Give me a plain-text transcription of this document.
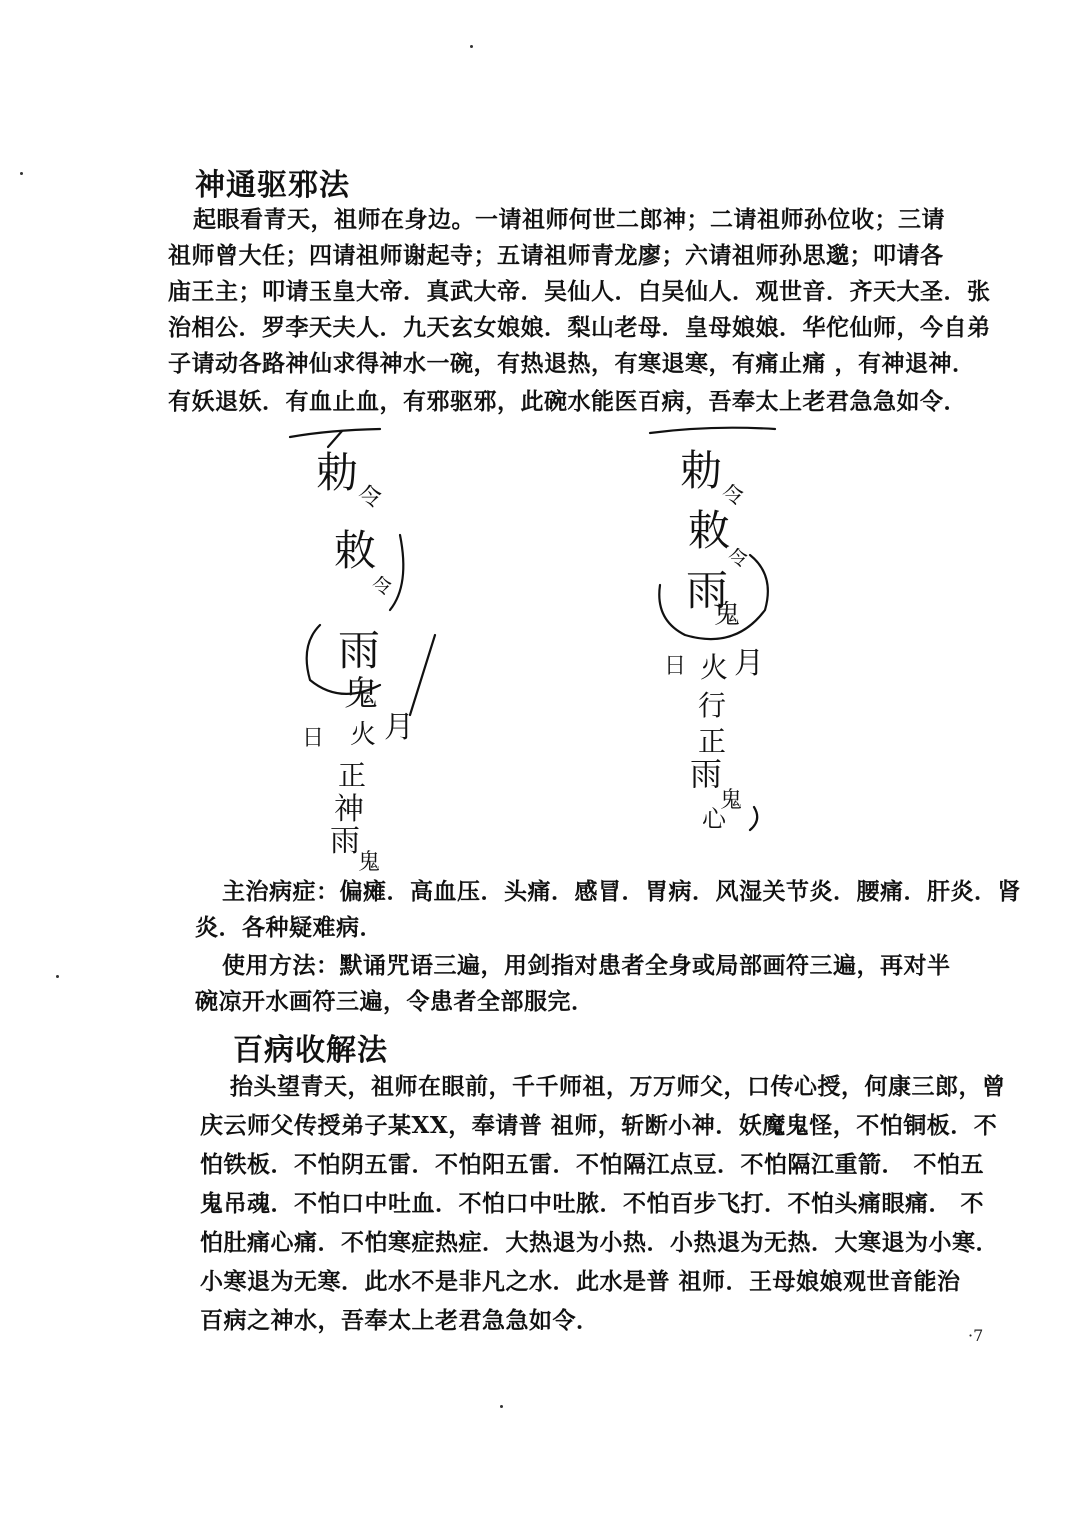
神通驱邪法
起眼看青天，祖师在身边。一请祖师何世二郎神；二请祖师孙位收；三请
祖师曾大任；四请祖师谢起寺；五请祖师青龙廖；六请祖师孙思邈；叩请各
庙王主；叩请玉皇大帝．真武大帝．吴仙人．白吴仙人．观世音．齐天大圣．张
治相公．罗李天夫人．九天玄女娘娘．梨山老母．皇母娘娘．华佗仙师，今自弟
子请动各路神仙求得神水一碗，有热退热，有寒退寒，有痛止痛 ，有神退神．
有妖退妖．有血止血，有邪驱邪，此碗水能医百病，吾奉太上老君急急如令．
勅 令
敕
令
雨
鬼
日 火 月
正
神
雨
鬼
勅
令
敕
令
雨
鬼
日 火 月
行
正
雨
鬼
心
主治病症：偏瘫．高血压．头痛．感冒．胃病．风湿关节炎．腰痛．肝炎．肾
炎．各种疑难病．
使用方法：默诵咒语三遍，用剑指对患者全身或局部画符三遍，再对半
碗凉开水画符三遍，令患者全部服完．
百病收解法
抬头望青天，祖师在眼前，千千师祖，万万师父，口传心授，何康三郎，曾
庆云师父传授弟子某XX，奉请普 祖师，斩断小神．妖魔鬼怪，不怕铜板．不
怕铁板．不怕阴五雷．不怕阳五雷．不怕隔江点豆．不怕隔江重箭． 不怕五
鬼吊魂．不怕口中吐血．不怕口中吐脓．不怕百步飞打．不怕头痛眼痛． 不
怕肚痛心痛．不怕寒症热症．大热退为小热．小热退为无热．大寒退为小寒．
小寒退为无寒．此水不是非凡之水．此水是普 祖师．王母娘娘观世音能治
百病之神水，吾奉太上老君急急如令．
·7
